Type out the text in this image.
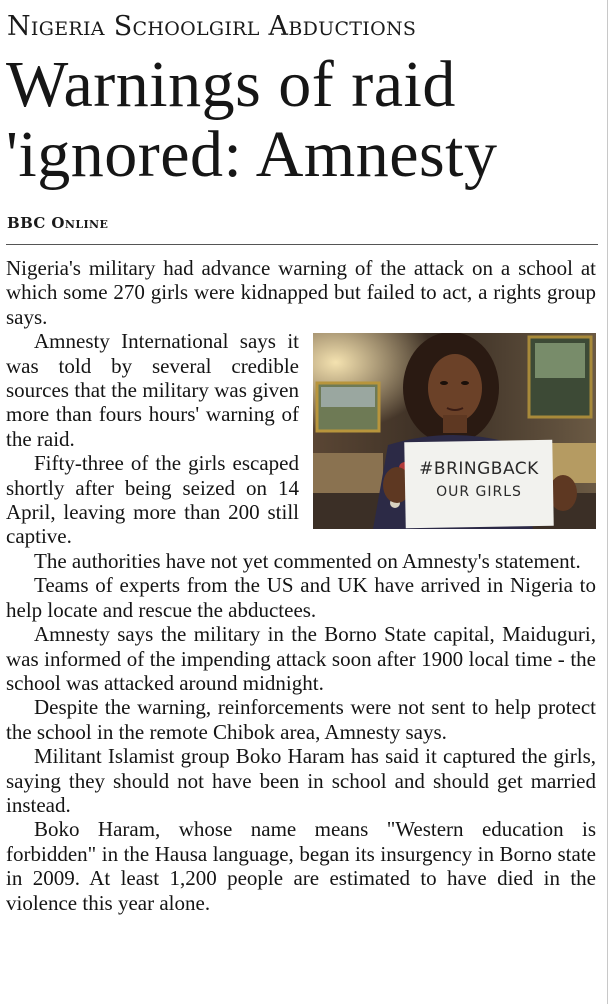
Nigeria Schoolgirl Abductions
Warnings of raid
'ignored: Amnesty
BBC Online

Nigeria's military had advance warning of the attack on a school at which some 270 girls were kidnapped but failed to act, a rights group says.

#BRINGBACK
OUR GIRLS

Amnesty International says it was told by several credible sources that the military was given more than fours hours' warning of the raid.

Fifty-three of the girls escaped shortly after being seized on 14 April, leaving more than 200 still captive.

The authorities have not yet commented on Amnesty's statement.

Teams of experts from the US and UK have arrived in Nigeria to help locate and rescue the abductees.

Amnesty says the military in the Borno State capital, Maiduguri, was informed of the impending attack soon after 1900 local time - the school was attacked around midnight.

Despite the warning, reinforcements were not sent to help protect the school in the remote Chibok area, Amnesty says.

Militant Islamist group Boko Haram has said it captured the girls, saying they should not have been in school and should get married instead.

Boko Haram, whose name means "Western education is forbidden" in the Hausa language, began its insurgency in Borno state in 2009. At least 1,200 people are estimated to have died in the violence this year alone.
